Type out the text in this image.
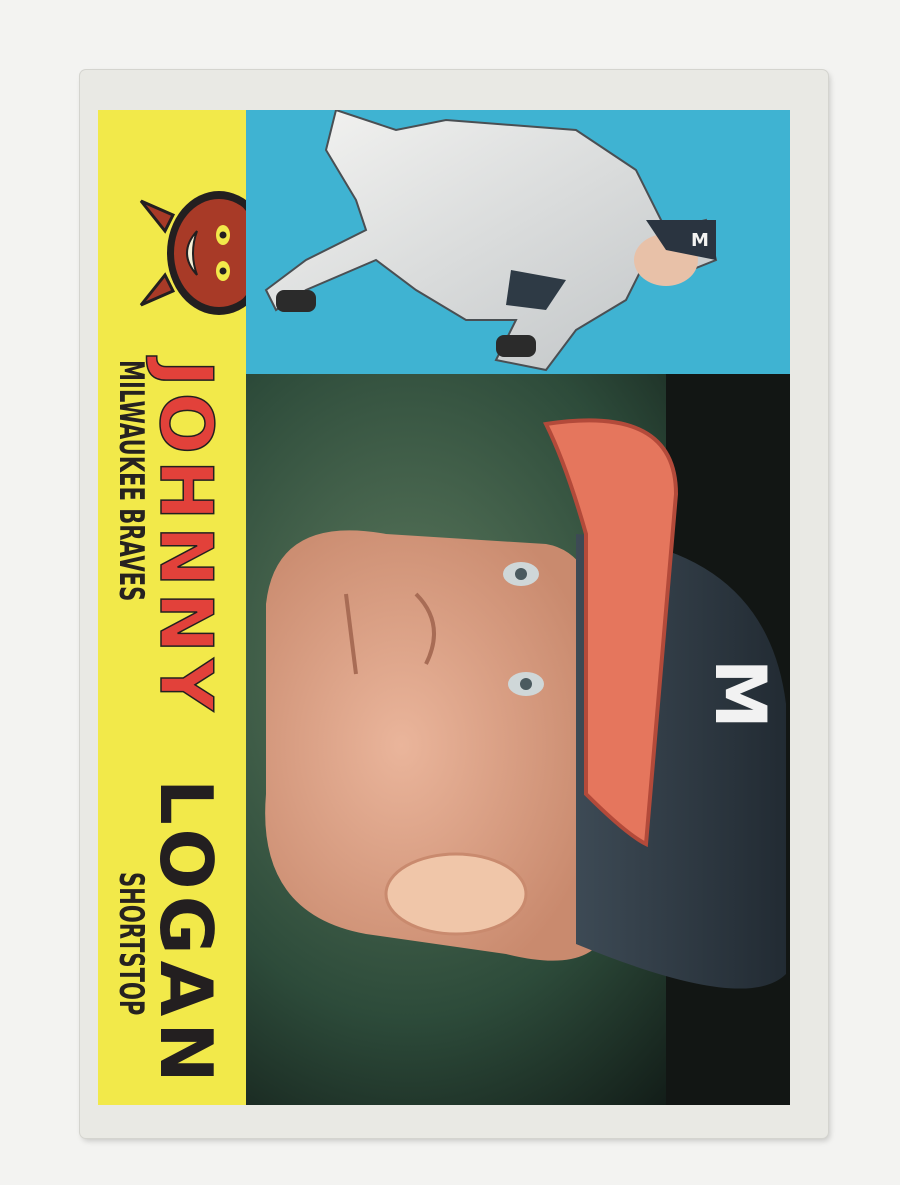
JOHNNY  LOGAN
MILWAUKEE BRAVES
SHORTSTOP
M
M
